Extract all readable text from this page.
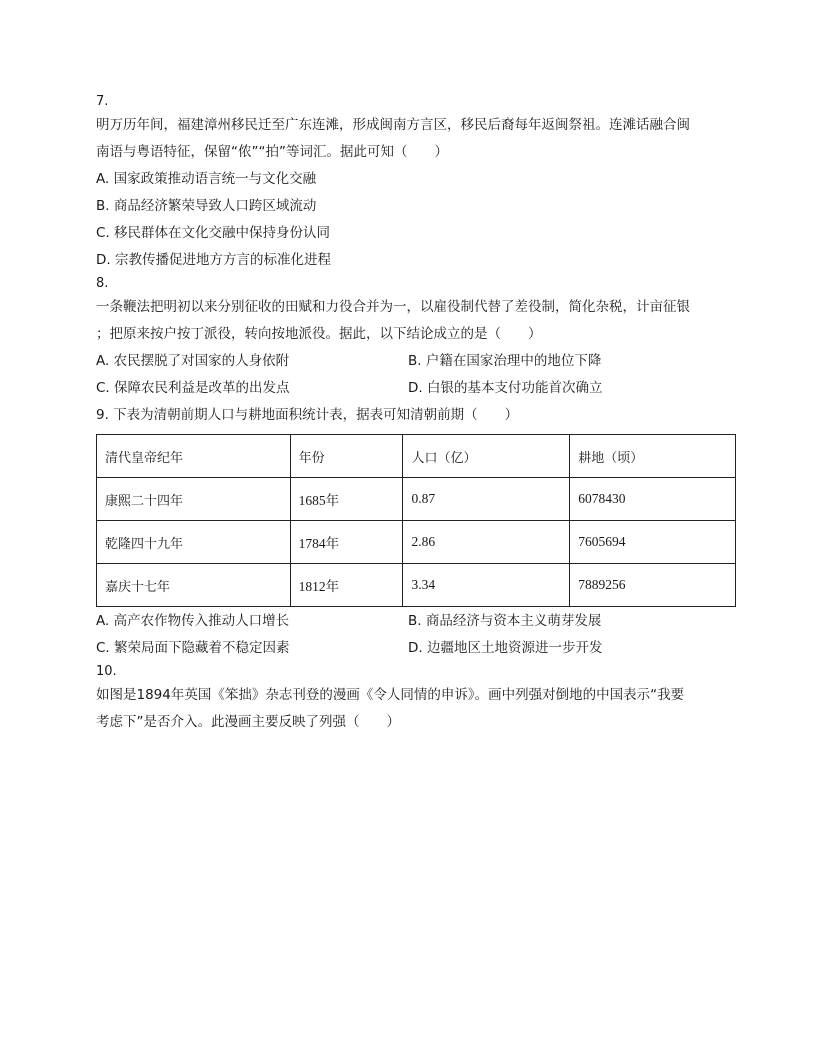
7.
明万历年间，福建漳州移民迁至广东连滩，形成闽南方言区，移民后裔每年返闽祭祖。连滩话融合闽
南语与粤语特征，保留“侬”“拍”等词汇。据此可知（　　）
A. 国家政策推动语言统一与文化交融
B. 商品经济繁荣导致人口跨区域流动
C. 移民群体在文化交融中保持身份认同
D. 宗教传播促进地方方言的标准化进程
8.
一条鞭法把明初以来分别征收的田赋和力役合并为一，以雇役制代替了差役制，简化杂税，计亩征银
；把原来按户按丁派役，转向按地派役。据此，以下结论成立的是（　　）
A. 农民摆脱了对国家的人身依附	B. 户籍在国家治理中的地位下降
C. 保障农民利益是改革的出发点	D. 白银的基本支付功能首次确立
9. 下表为清朝前期人口与耕地面积统计表，据表可知清朝前期（　　）
清代皇帝纪年	年份	人口（亿）	耕地（顷）
康熙二十四年	1685年	0.87	6078430
乾隆四十九年	1784年	2.86	7605694
嘉庆十七年	1812年	3.34	7889256
A. 高产农作物传入推动人口增长	B. 商品经济与资本主义萌芽发展
C. 繁荣局面下隐藏着不稳定因素	D. 边疆地区土地资源进一步开发
10.
如图是1894年英国《笨拙》杂志刊登的漫画《令人同情的申诉》。画中列强对倒地的中国表示“我要
考虑下”是否介入。此漫画主要反映了列强（　　）
